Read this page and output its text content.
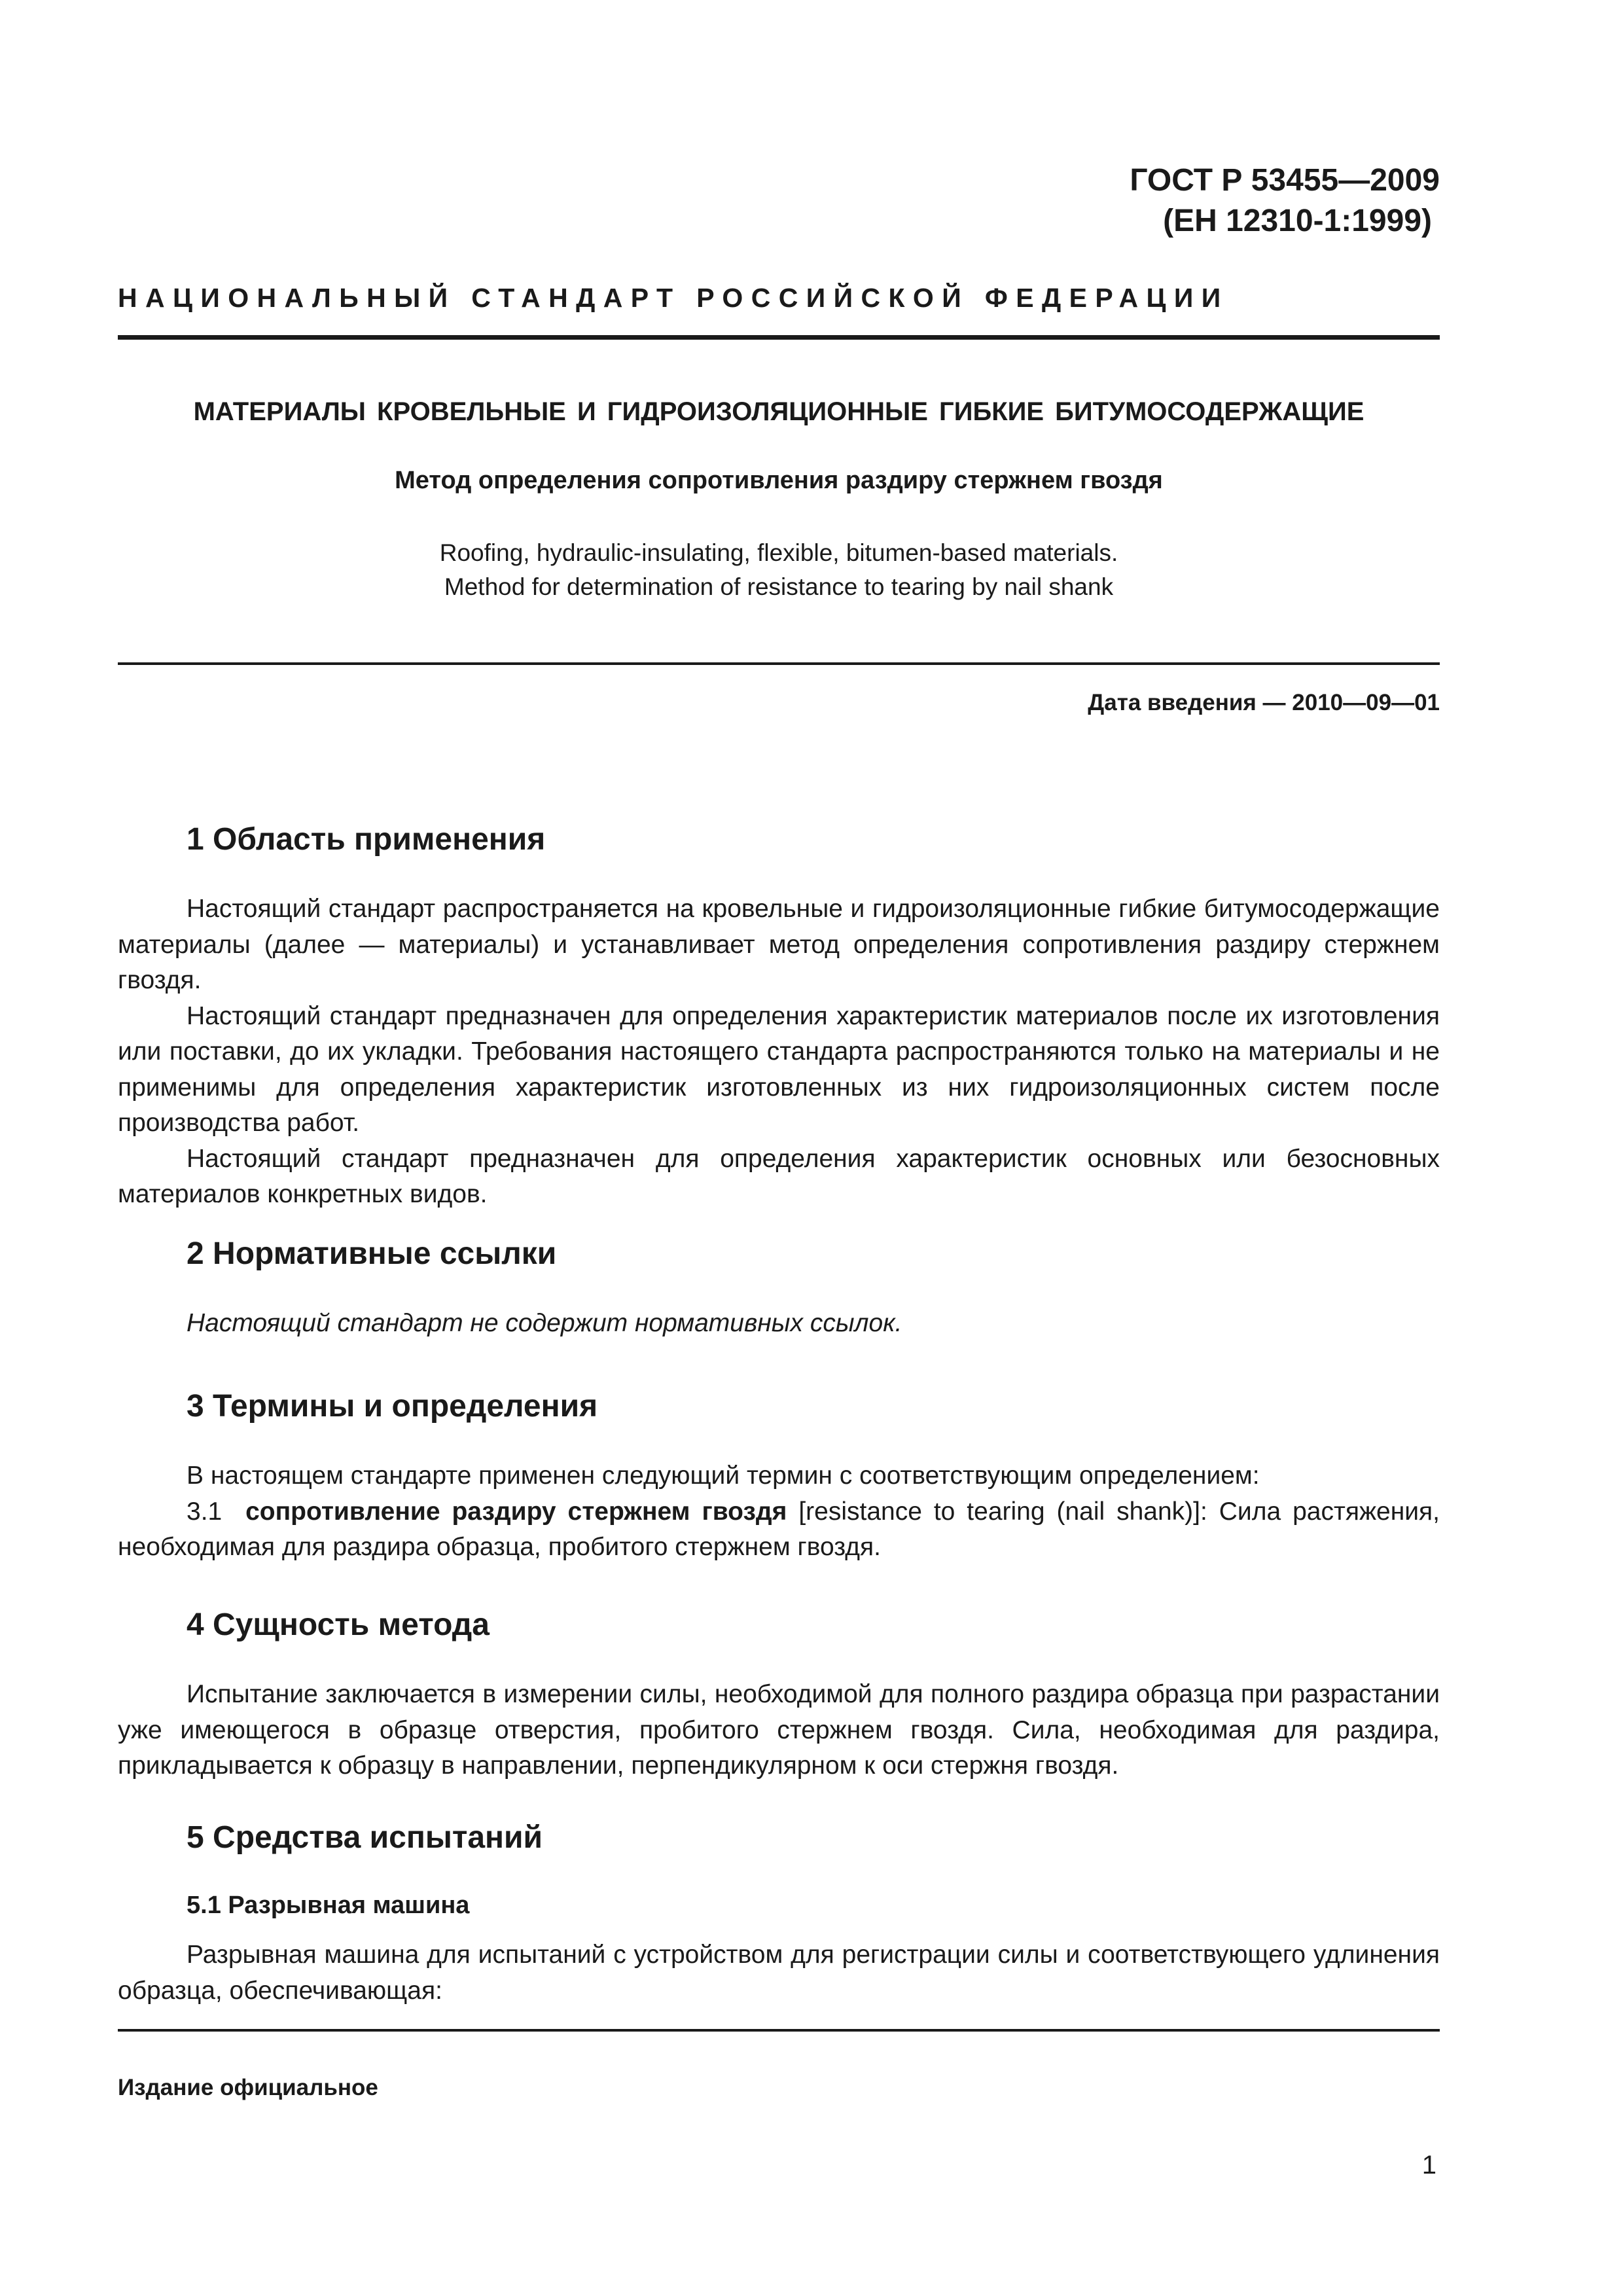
ГОСТ Р 53455—2009
(ЕН 12310-1:1999)
НАЦИОНАЛЬНЫЙ СТАНДАРТ РОССИЙСКОЙ ФЕДЕРАЦИИ
МАТЕРИАЛЫ КРОВЕЛЬНЫЕ И ГИДРОИЗОЛЯЦИОННЫЕ ГИБКИЕ БИТУМОСОДЕРЖАЩИЕ
Метод определения сопротивления раздиру стержнем гвоздя
Roofing, hydraulic-insulating, flexible, bitumen-based materials.
Method for determination of resistance to tearing by nail shank
Дата введения — 2010—09—01
1 Область применения

Настоящий стандарт распространяется на кровельные и гидроизоляционные гибкие битумосодержащие материалы (далее — материалы) и устанавливает метод определения сопротивления раздиру стержнем гвоздя.

Настоящий стандарт предназначен для определения характеристик материалов после их изготовления или поставки, до их укладки. Требования настоящего стандарта распространяются только на материалы и не применимы для определения характеристик изготовленных из них гидроизоляционных систем после производства работ.

Настоящий стандарт предназначен для определения характеристик основных или безосновных материалов конкретных видов.

2 Нормативные ссылки

Настоящий стандарт не содержит нормативных ссылок.

3 Термины и определения

В настоящем стандарте применен следующий термин с соответствующим определением:

3.1 сопротивление раздиру стержнем гвоздя [resistance to tearing (nail shank)]: Сила растяжения, необходимая для раздира образца, пробитого стержнем гвоздя.

4 Сущность метода

Испытание заключается в измерении силы, необходимой для полного раздира образца при разрастании уже имеющегося в образце отверстия, пробитого стержнем гвоздя. Сила, необходимая для раздира, прикладывается к образцу в направлении, перпендикулярном к оси стержня гвоздя.

5 Средства испытаний
5.1 Разрывная машина

Разрывная машина для испытаний с устройством для регистрации силы и соответствующего удлинения образца, обеспечивающая:

Издание официальное
1
